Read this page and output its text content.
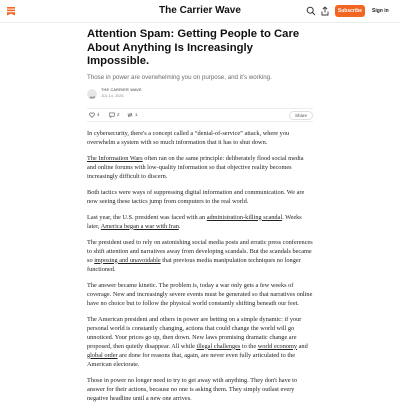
The Carrier Wave	Subscribe	Sign in
Attention Spam: Getting People to Care About Anything Is Increasingly Impossible.
Those in power are overwhelming you on purpose, and it's working.
THE CARRIER WAVE
JUL 14, 2025
4	2	1	Share

In cybersecurity, there's a concept called a “denial-of-service” attack, where you overwhelm a system with so much information that it has to shut down.

The Information Wars often ran on the same principle: deliberately flood social media and online forums with low-quality information so that objective reality becomes increasingly difficult to discern.

Both tactics were ways of suppressing digital information and communication. We are now seeing these tactics jump from computers to the real world.

Last year, the U.S. president was faced with an administration-killing scandal. Weeks later, America began a war with Iran.

The president used to rely on astonishing social media posts and erratic press conferences to shift attention and narratives away from developing scandals. But the scandals became so imposing and unavoidable that previous media manipulation techniques no longer functioned.

The answer became kinetic. The problem is, today a war only gets a few weeks of coverage. New and increasingly severe events must be generated so that narratives online have no choice but to follow the physical world constantly shifting beneath our feet.

The American president and others in power are betting on a simple dynamic: if your personal world is constantly changing, actions that could change the world will go unnoticed. Your prices go up, then down. New laws promising dramatic change are proposed, then quietly disappear. All while illegal challenges to the world economy and global order are done for reasons that, again, are never even fully articulated to the American electorate.

Those in power no longer need to try to get away with anything. They don't have to answer for their actions, because no one is asking them. They simply outlast every negative headline until a new one arrives.
